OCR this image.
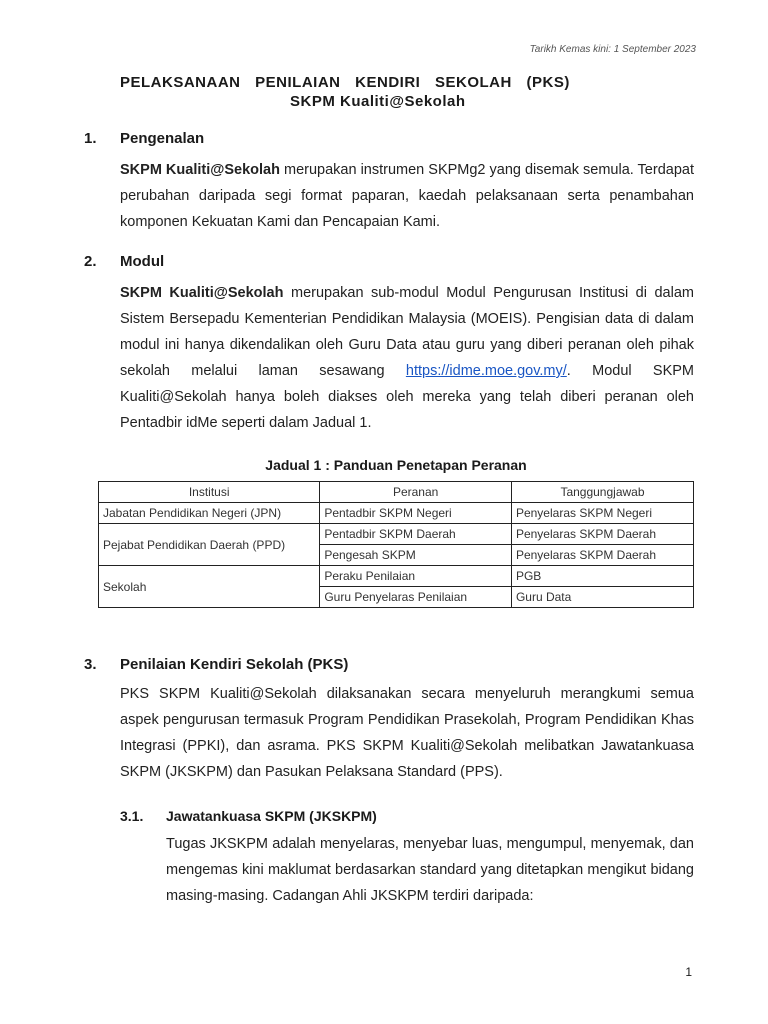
Tarikh Kemas kini: 1 September 2023
PELAKSANAAN PENILAIAN KENDIRI SEKOLAH (PKS)
SKPM Kualiti@Sekolah
1. Pengenalan
SKPM Kualiti@Sekolah merupakan instrumen SKPMg2 yang disemak semula. Terdapat perubahan daripada segi format paparan, kaedah pelaksanaan serta penambahan komponen Kekuatan Kami dan Pencapaian Kami.
2. Modul
SKPM Kualiti@Sekolah merupakan sub-modul Modul Pengurusan Institusi di dalam Sistem Bersepadu Kementerian Pendidikan Malaysia (MOEIS). Pengisian data di dalam modul ini hanya dikendalikan oleh Guru Data atau guru yang diberi peranan oleh pihak sekolah melalui laman sesawang https://idme.moe.gov.my/. Modul SKPM Kualiti@Sekolah hanya boleh diakses oleh mereka yang telah diberi peranan oleh Pentadbir idMe seperti dalam Jadual 1.
Jadual 1 : Panduan Penetapan Peranan
Institusi	Peranan	Tanggungjawab
Jabatan Pendidikan Negeri (JPN)	Pentadbir SKPM Negeri	Penyelaras SKPM Negeri
Pejabat Pendidikan Daerah (PPD)	Pentadbir SKPM Daerah	Penyelaras SKPM Daerah
	Pengesah SKPM	Penyelaras SKPM Daerah
Sekolah	Peraku Penilaian	PGB
	Guru Penyelaras Penilaian	Guru Data
3. Penilaian Kendiri Sekolah (PKS)
PKS SKPM Kualiti@Sekolah dilaksanakan secara menyeluruh merangkumi semua aspek pengurusan termasuk Program Pendidikan Prasekolah, Program Pendidikan Khas Integrasi (PPKI), dan asrama. PKS SKPM Kualiti@Sekolah melibatkan Jawatankuasa SKPM (JKSKPM) dan Pasukan Pelaksana Standard (PPS).
3.1. Jawatankuasa SKPM (JKSKPM)
Tugas JKSKPM adalah menyelaras, menyebar luas, mengumpul, menyemak, dan mengemas kini maklumat berdasarkan standard yang ditetapkan mengikut bidang masing-masing. Cadangan Ahli JKSKPM terdiri daripada:
1
